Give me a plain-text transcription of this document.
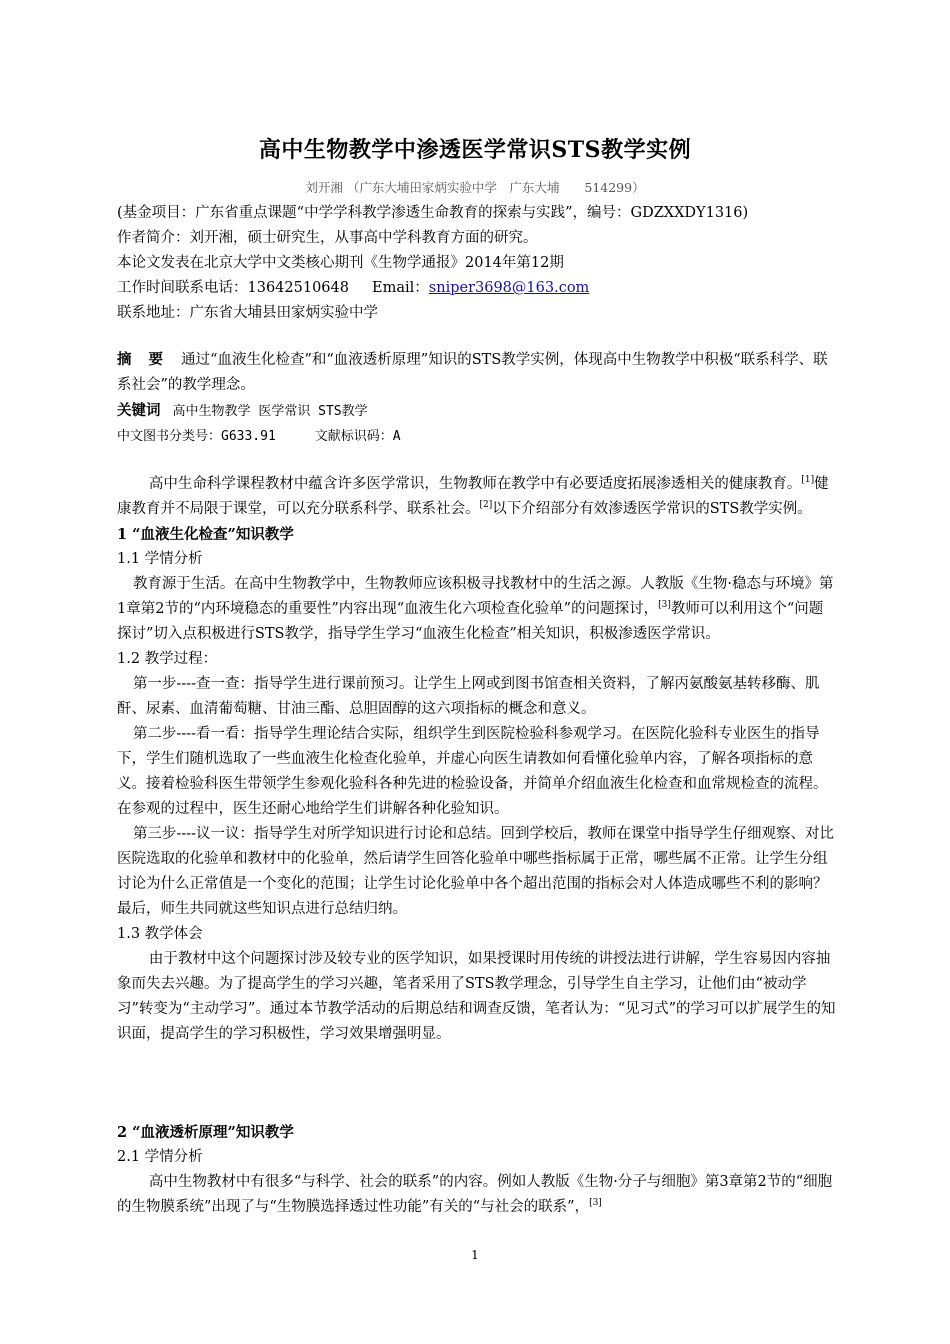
高中生物教学中渗透医学常识STS教学实例
刘开湘 （广东大埔田家炳实验中学　广东大埔　　514299）

(基金项目：广东省重点课题“中学学科教学渗透生命教育的探索与实践”，编号：GDZXXDY1316)

作者简介：刘开湘，硕士研究生，从事高中学科教育方面的研究。

本论文发表在北京大学中文类核心期刊《生物学通报》2014年第12期

工作时间联系电话：13642510648 Email：sniper3698@163.com

联系地址：广东省大埔县田家炳实验中学

摘 要 通过“血液生化检查”和“血液透析原理”知识的STS教学实例，体现高中生物教学中积极“联系科学、联系社会”的教学理念。

关键词 高中生物教学 医学常识 STS教学

中文图书分类号：G633.91　　　文献标识码：A

高中生命科学课程教材中蕴含许多医学常识，生物教师在教学中有必要适度拓展渗透相关的健康教育。[1]健康教育并不局限于课堂，可以充分联系科学、联系社会。[2]以下介绍部分有效渗透医学常识的STS教学实例。

1 “血液生化检查”知识教学

1.1 学情分析

教育源于生活。在高中生物教学中，生物教师应该积极寻找教材中的生活之源。人教版《生物·稳态与环境》第1章第2节的“内环境稳态的重要性”内容出现“血液生化六项检查化验单”的问题探讨，[3]教师可以利用这个“问题探讨”切入点积极进行STS教学，指导学生学习“血液生化检查”相关知识，积极渗透医学常识。

1.2 教学过程：

第一步----查一查：指导学生进行课前预习。让学生上网或到图书馆查相关资料，了解丙氨酸氨基转移酶、肌酐、尿素、血清葡萄糖、甘油三酯、总胆固醇的这六项指标的概念和意义。

第二步----看一看：指导学生理论结合实际，组织学生到医院检验科参观学习。在医院化验科专业医生的指导下，学生们随机选取了一些血液生化检查化验单，并虚心向医生请教如何看懂化验单内容，了解各项指标的意义。接着检验科医生带领学生参观化验科各种先进的检验设备，并简单介绍血液生化检查和血常规检查的流程。在参观的过程中，医生还耐心地给学生们讲解各种化验知识。

第三步----议一议：指导学生对所学知识进行讨论和总结。回到学校后，教师在课堂中指导学生仔细观察、对比医院选取的化验单和教材中的化验单，然后请学生回答化验单中哪些指标属于正常，哪些属不正常。让学生分组讨论为什么正常值是一个变化的范围；让学生讨论化验单中各个超出范围的指标会对人体造成哪些不利的影响？最后，师生共同就这些知识点进行总结归纳。

1.3 教学体会

由于教材中这个问题探讨涉及较专业的医学知识，如果授课时用传统的讲授法进行讲解，学生容易因内容抽象而失去兴趣。为了提高学生的学习兴趣，笔者采用了STS教学理念，引导学生自主学习，让他们由“被动学习”转变为“主动学习”。通过本节教学活动的后期总结和调查反馈，笔者认为：“见习式”的学习可以扩展学生的知识面，提高学生的学习积极性，学习效果增强明显。

2 “血液透析原理”知识教学

2.1 学情分析

高中生物教材中有很多“与科学、社会的联系”的内容。例如人教版《生物·分子与细胞》第3章第2节的“细胞的生物膜系统”出现了与“生物膜选择透过性功能”有关的“与社会的联系”，[3]

1
